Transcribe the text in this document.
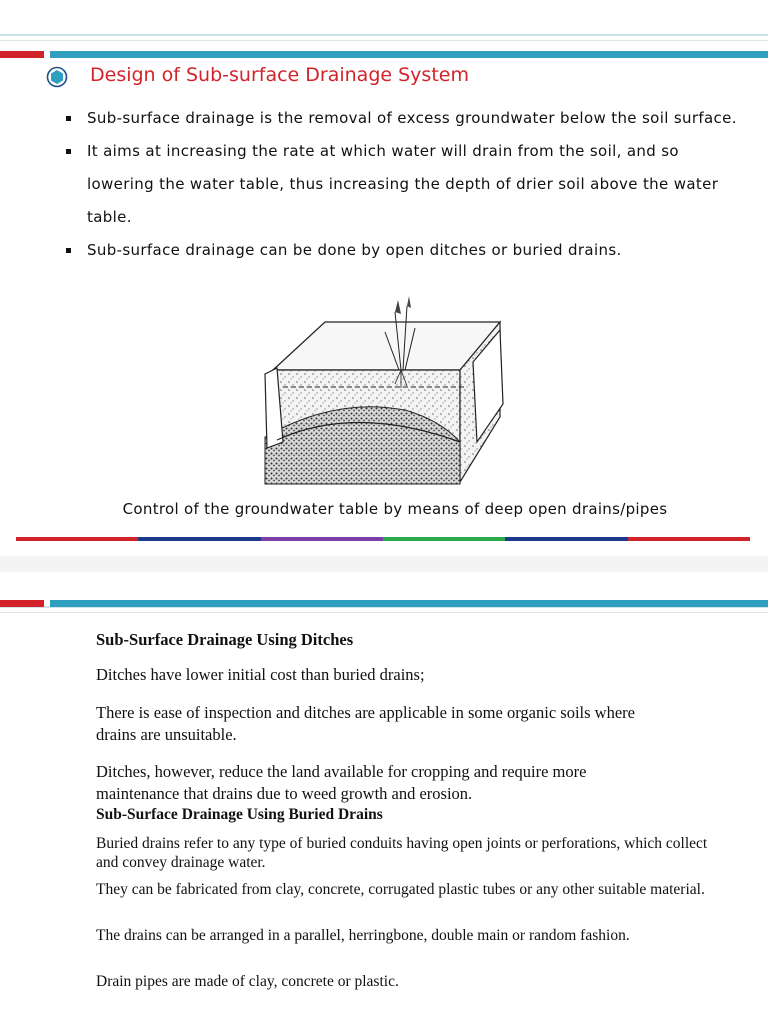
Design of Sub-surface Drainage System
Sub-surface drainage is the removal of excess groundwater below the soil surface.
It aims at increasing the rate at which water will drain from the soil, and so lowering the water table, thus increasing the depth of drier soil above the water table.
Sub-surface drainage can be done by open ditches or buried drains.
Control of the groundwater table by means of deep open drains/pipes
Sub-Surface Drainage Using Ditches

Ditches have lower initial cost than buried drains;

There is ease of inspection and ditches are applicable in some organic soils where drains are unsuitable.

Ditches, however, reduce the land available for cropping and require more maintenance that drains due to weed growth and erosion.

Sub-Surface Drainage Using Buried Drains

Buried drains refer to any type of buried conduits having open joints or perforations, which collect and convey drainage water.

They can be fabricated from clay, concrete, corrugated plastic tubes or any other suitable material.

The drains can be arranged in a parallel, herringbone, double main or random fashion.

Drain pipes are made of clay, concrete or plastic.
